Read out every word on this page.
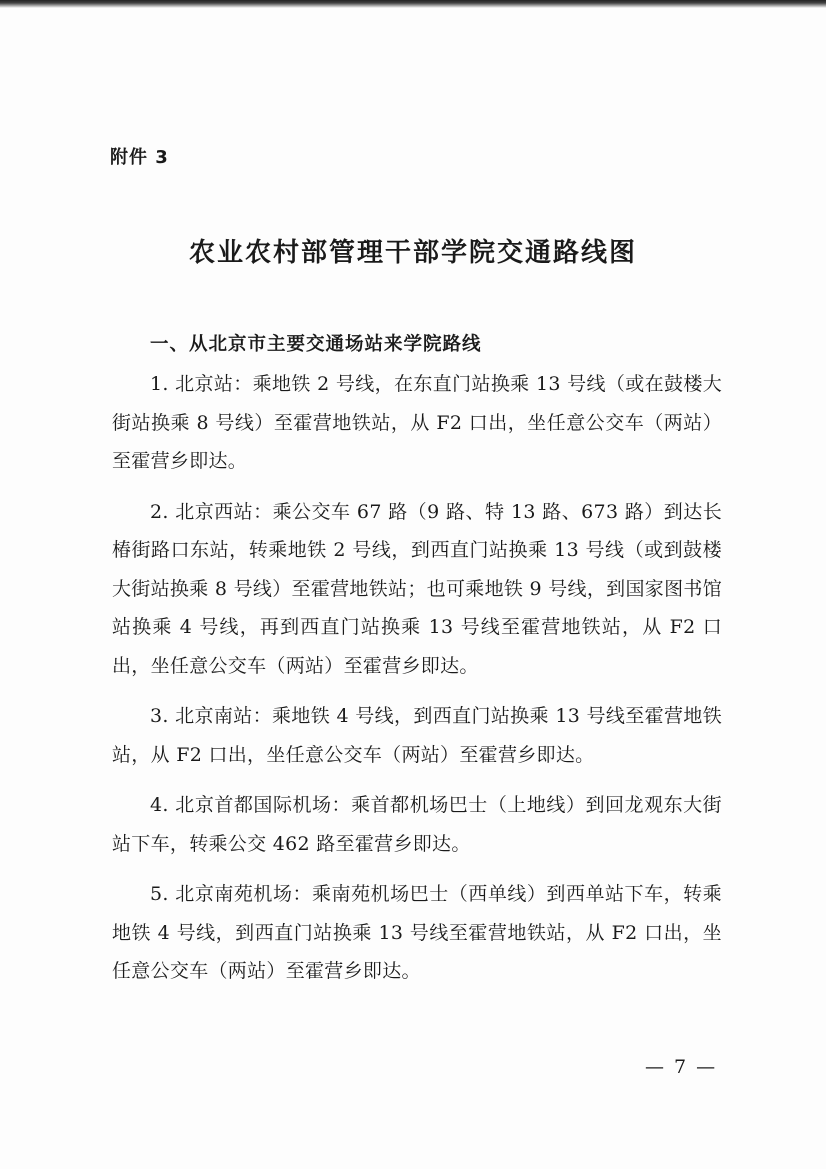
附件 3
农业农村部管理干部学院交通路线图
一、从北京市主要交通场站来学院路线

1. 北京站：乘地铁 2 号线，在东直门站换乘 13 号线（或在鼓楼大街站换乘 8 号线）至霍营地铁站，从 F2 口出，坐任意公交车（两站）至霍营乡即达。

2. 北京西站：乘公交车 67 路（9 路、特 13 路、673 路）到达长椿街路口东站，转乘地铁 2 号线，到西直门站换乘 13 号线（或到鼓楼大街站换乘 8 号线）至霍营地铁站；也可乘地铁 9 号线，到国家图书馆站换乘 4 号线，再到西直门站换乘 13 号线至霍营地铁站，从 F2 口出，坐任意公交车（两站）至霍营乡即达。

3. 北京南站：乘地铁 4 号线，到西直门站换乘 13 号线至霍营地铁站，从 F2 口出，坐任意公交车（两站）至霍营乡即达。

4. 北京首都国际机场：乘首都机场巴士（上地线）到回龙观东大街站下车，转乘公交 462 路至霍营乡即达。

5. 北京南苑机场：乘南苑机场巴士（西单线）到西单站下车，转乘地铁 4 号线，到西直门站换乘 13 号线至霍营地铁站，从 F2 口出，坐任意公交车（两站）至霍营乡即达。

— 7 —
